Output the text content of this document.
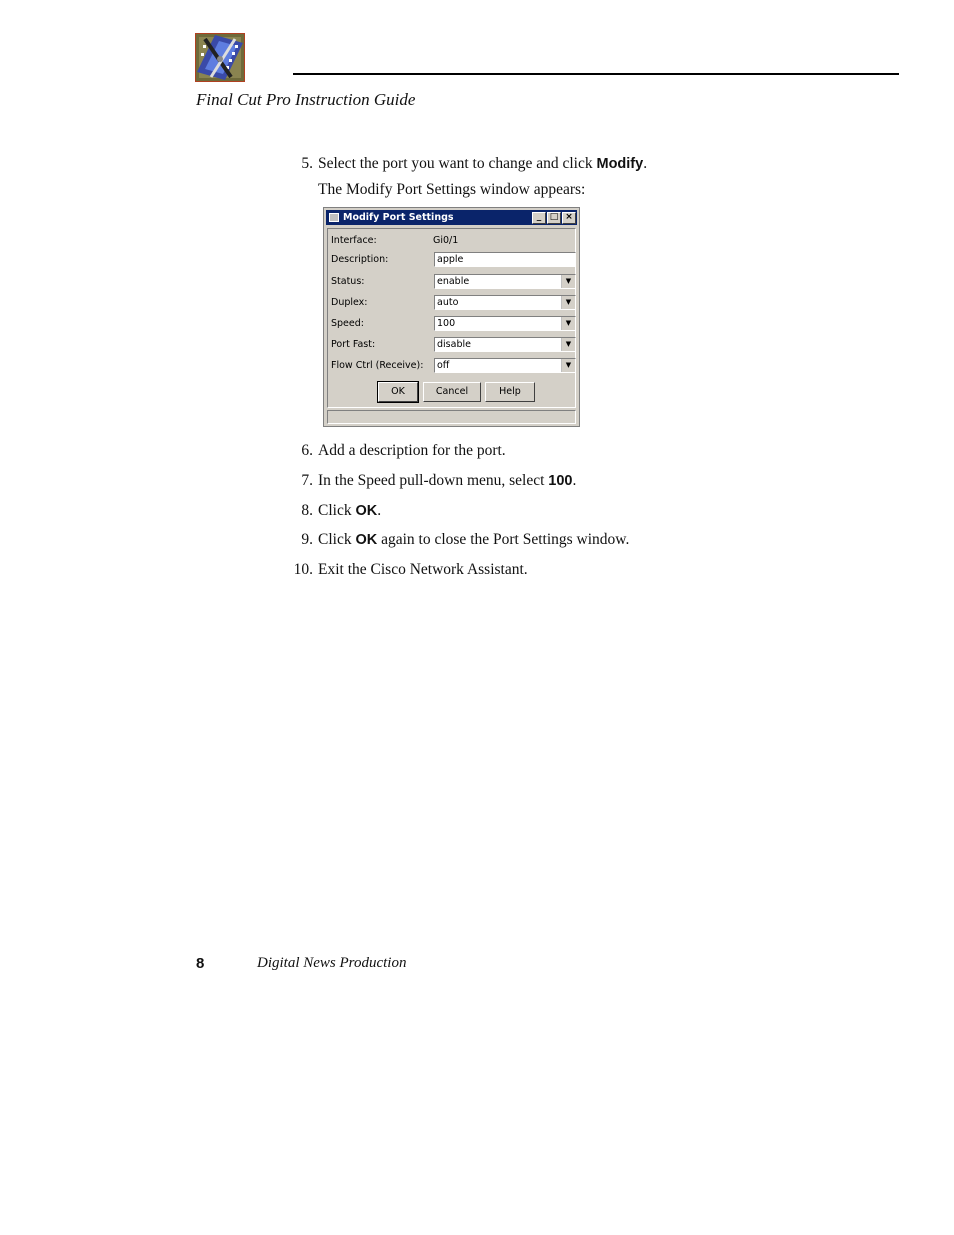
Final Cut Pro Instruction Guide
5. Select the port you want to change and click Modify.
The Modify Port Settings window appears:
Modify Port Settings	_ □ ×
Interface:	Gi0/1
Description:	apple
Status:	enable	▼
Duplex:	auto	▼
Speed:	100	▼
Port Fast:	disable	▼
Flow Ctrl (Receive):	off	▼
OK	Cancel	Help
6. Add a description for the port.
7. In the Speed pull-down menu, select 100.
8. Click OK.
9. Click OK again to close the Port Settings window.
10. Exit the Cisco Network Assistant.
8	Digital News Production
